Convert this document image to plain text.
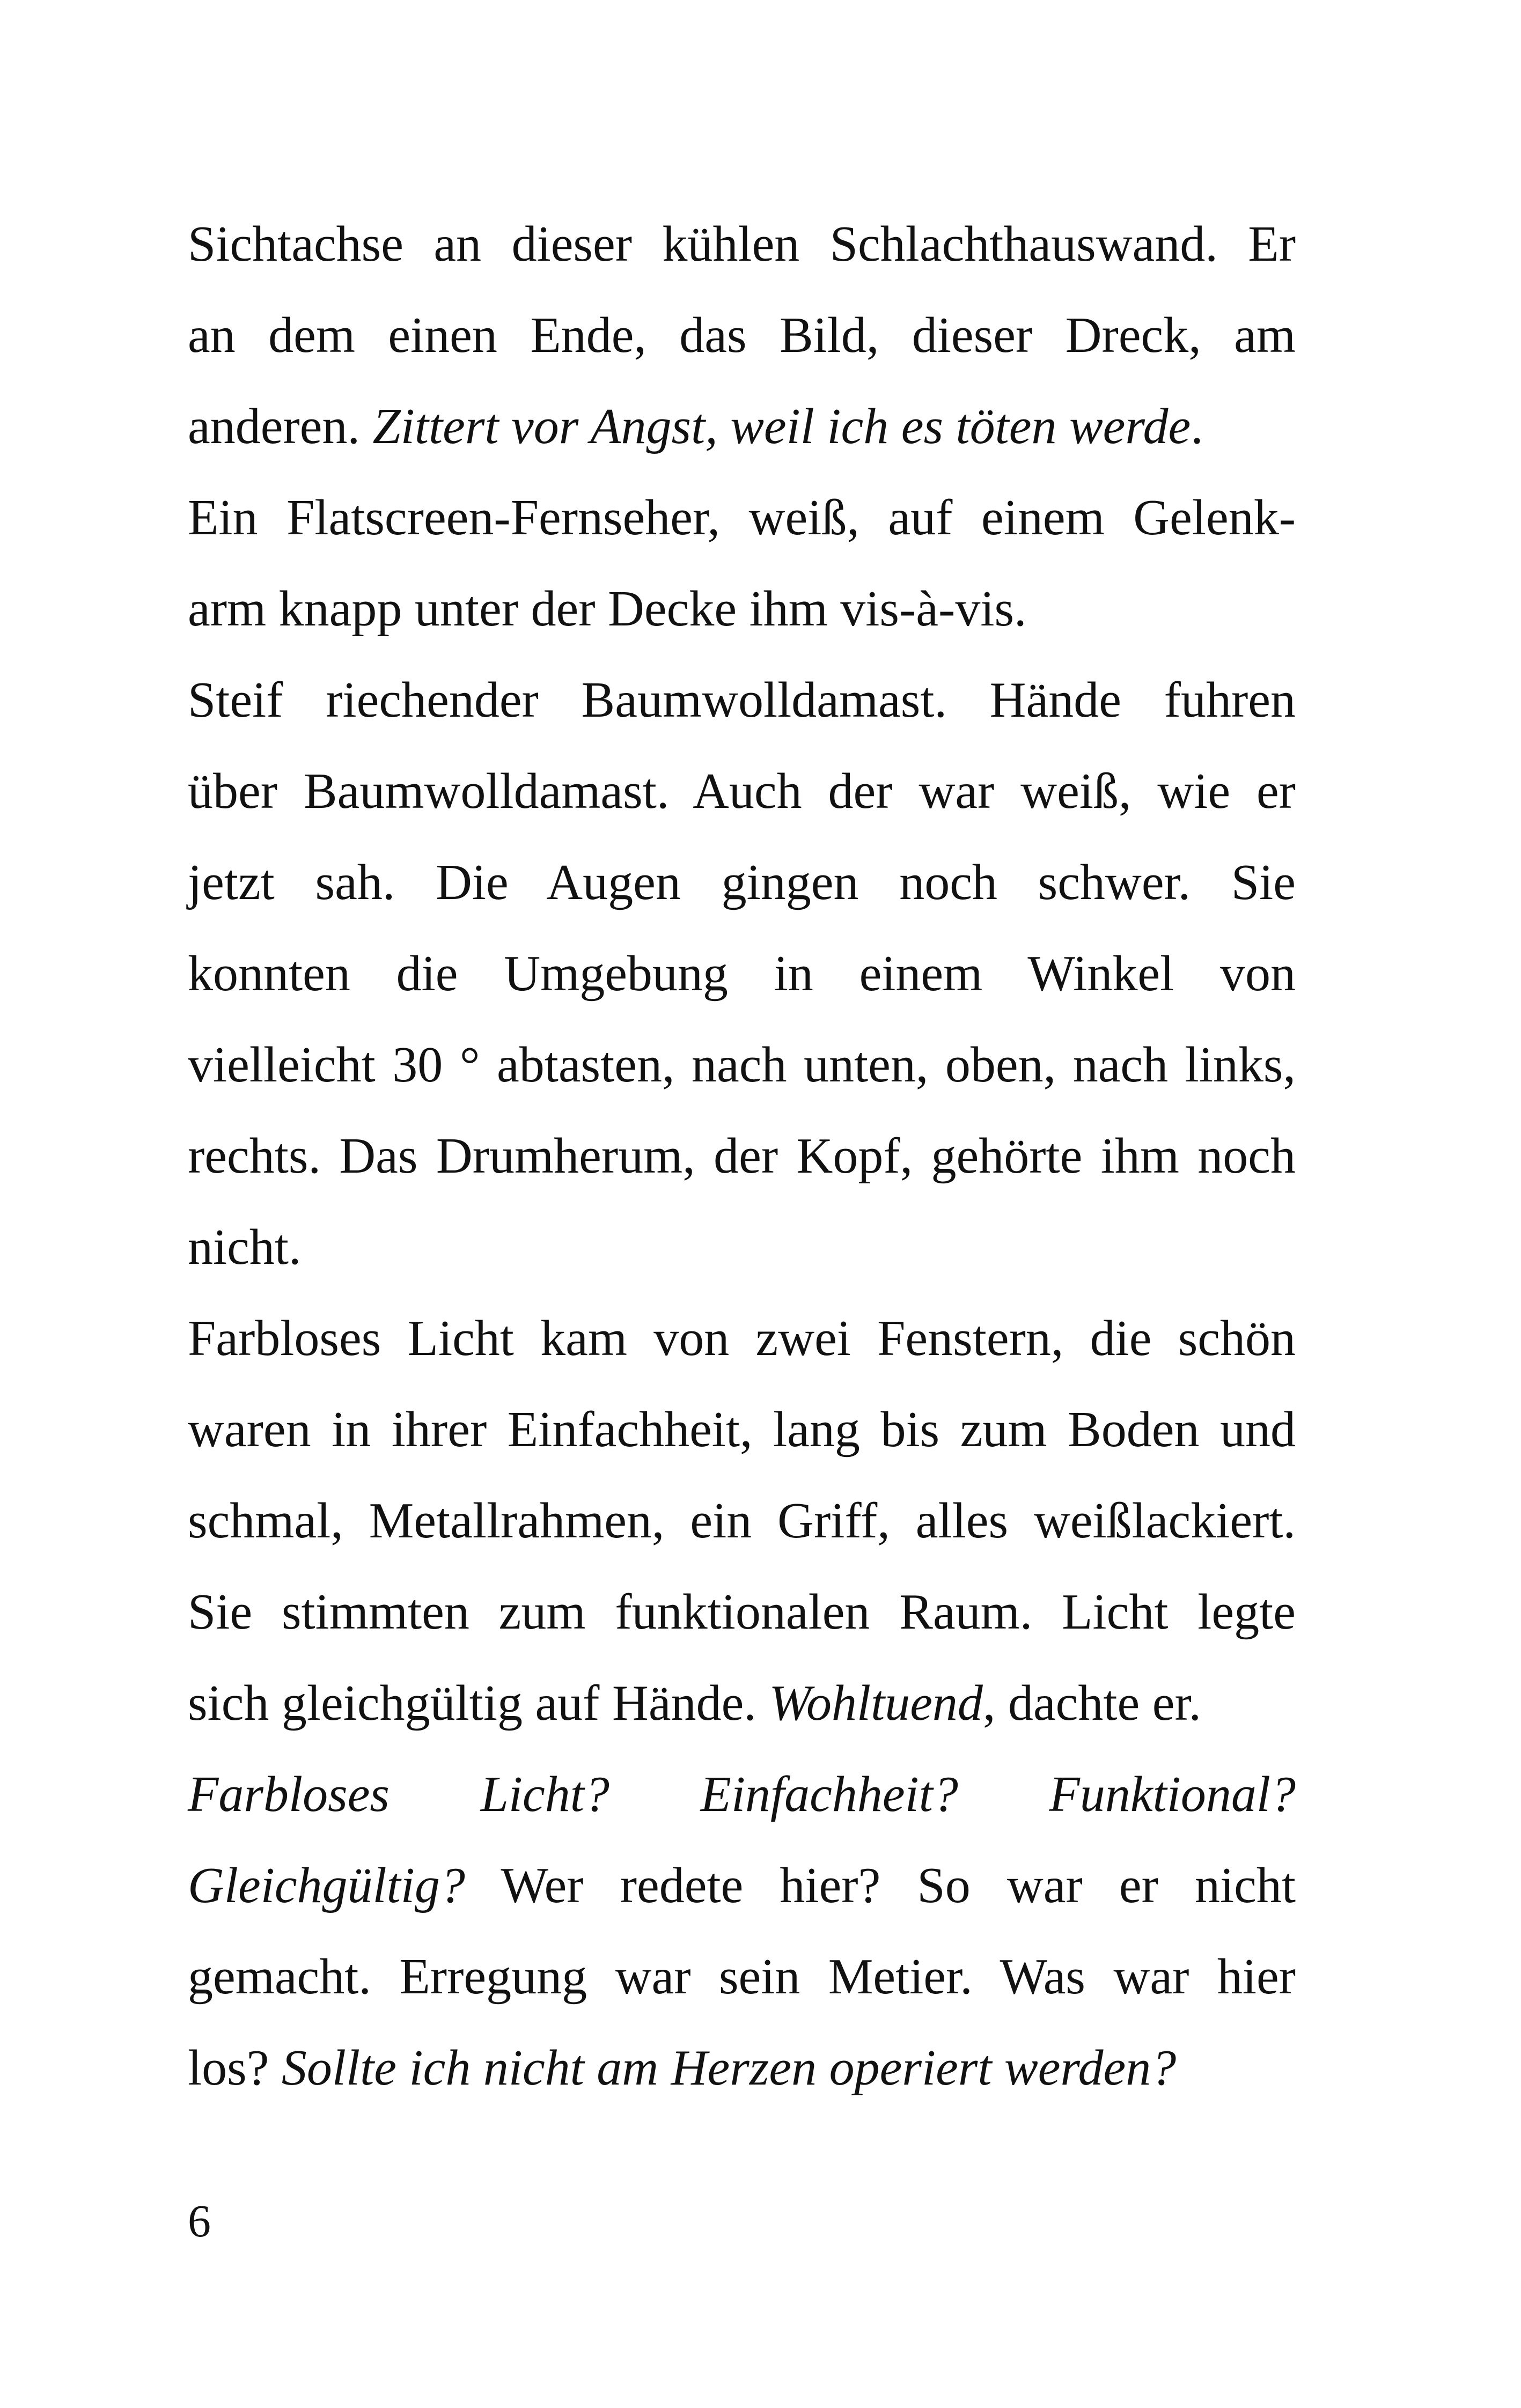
Sichtachse an dieser kühlen Schlachthauswand. Er
an dem einen Ende, das Bild, dieser Dreck, am
anderen. Zittert vor Angst, weil ich es töten werde.
Ein Flatscreen-Fernseher, weiß, auf einem Gelenk-
arm knapp unter der Decke ihm vis-à-vis.
Steif riechender Baumwolldamast. Hände fuhren
über Baumwolldamast. Auch der war weiß, wie er
jetzt sah. Die Augen gingen noch schwer. Sie
konnten die Umgebung in einem Winkel von
vielleicht 30 ° abtasten, nach unten, oben, nach links,
rechts. Das Drumherum, der Kopf, gehörte ihm noch
nicht.
Farbloses Licht kam von zwei Fenstern, die schön
waren in ihrer Einfachheit, lang bis zum Boden und
schmal, Metallrahmen, ein Griff, alles weißlackiert.
Sie stimmten zum funktionalen Raum. Licht legte
sich gleichgültig auf Hände. Wohltuend, dachte er.
Farbloses Licht? Einfachheit? Funktional?
Gleichgültig? Wer redete hier? So war er nicht
gemacht. Erregung war sein Metier. Was war hier
los? Sollte ich nicht am Herzen operiert werden?
6
